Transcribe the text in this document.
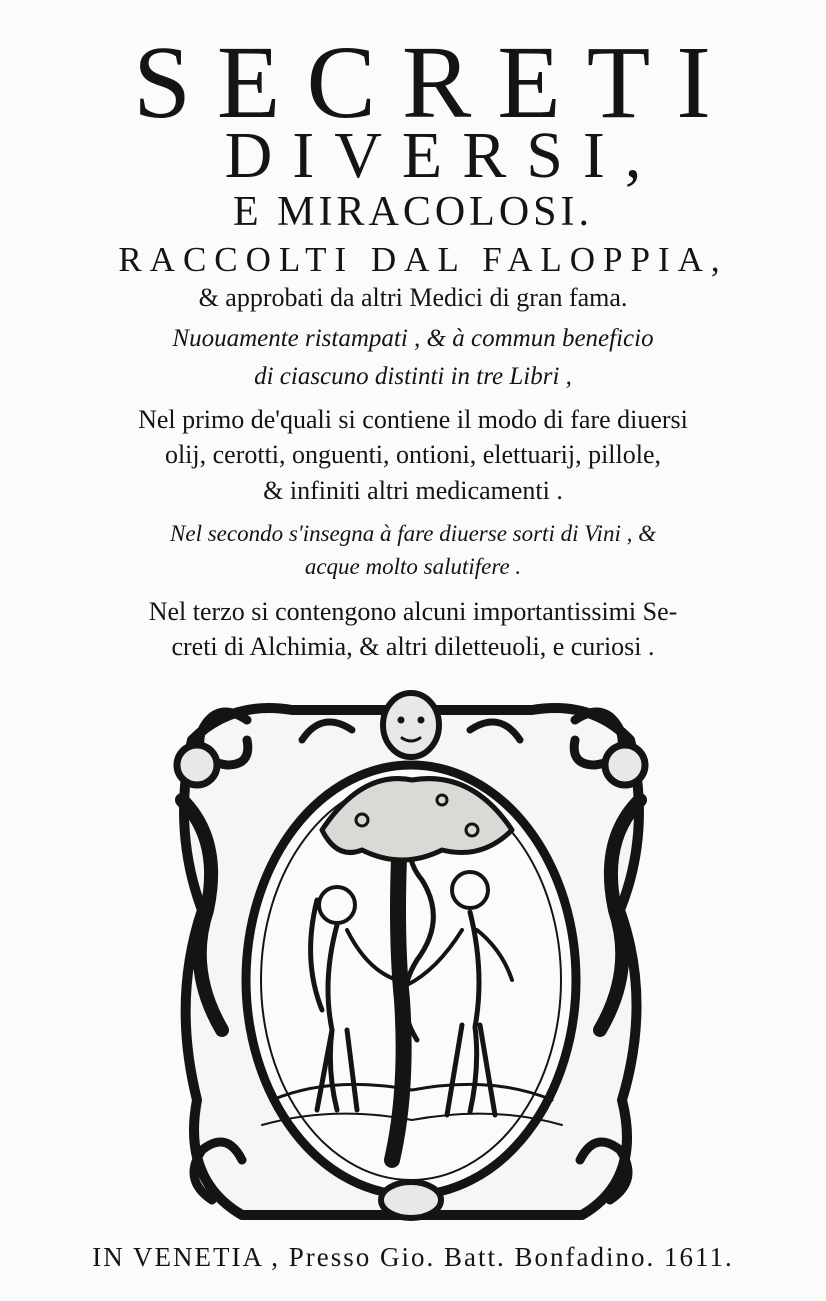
SECRETI
DIVERSI,
E MIRACOLOSI.
RACCOLTI DAL FALOPPIA,
& approbati da altri Medici di gran fama.
Nuouamente ristampati , & à commun beneficio
di ciascuno distinti in tre Libri ,
Nel primo de'quali si contiene il modo di fare diuersi
olij, cerotti, onguenti, ontioni, elettuarij, pillole,
& infiniti altri medicamenti .
Nel secondo s'insegna à fare diuerse sorti di Vini , &
acque molto salutifere .
Nel terzo si contengono alcuni importantissimi Se-
creti di Alchimia, & altri diletteuoli, e curiosi .
IN VENETIA , Presso Gio. Batt. Bonfadino. 1611.
